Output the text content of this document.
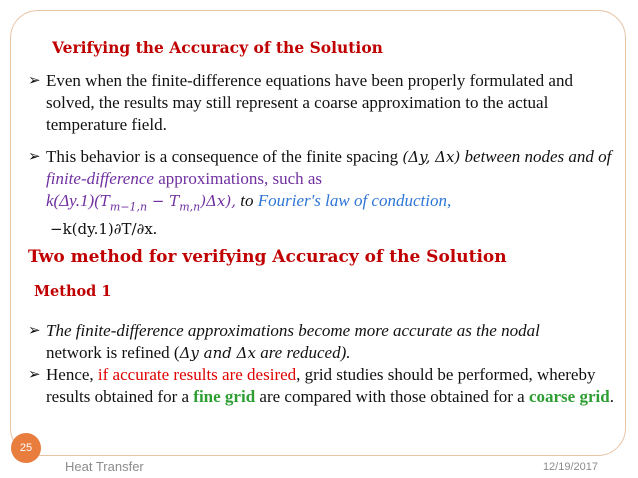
Verifying the Accuracy of the Solution
➢ Even when the finite-difference equations have been properly formulated and solved, the results may still represent a coarse approximation to the actual temperature field.
➢ This behavior is a consequence of the finite spacing (Δy, Δx) between nodes and of finite-difference approximations, such as
$k(\Delta y.1)(T_{m-1,n} - T_{m,n})\Delta x$), to Fourier's law of conduction,
−k(dy.1)∂T/∂x.
Two method for verifying Accuracy of the Solution
Method 1
➢ The finite-difference approximations become more accurate as the nodal
network is refined (Δy and Δx are reduced).
➢ Hence, if accurate results are desired, grid studies should be performed, whereby results obtained for a fine grid are compared with those obtained for a coarse grid.
25
Heat Transfer	12/19/2017
